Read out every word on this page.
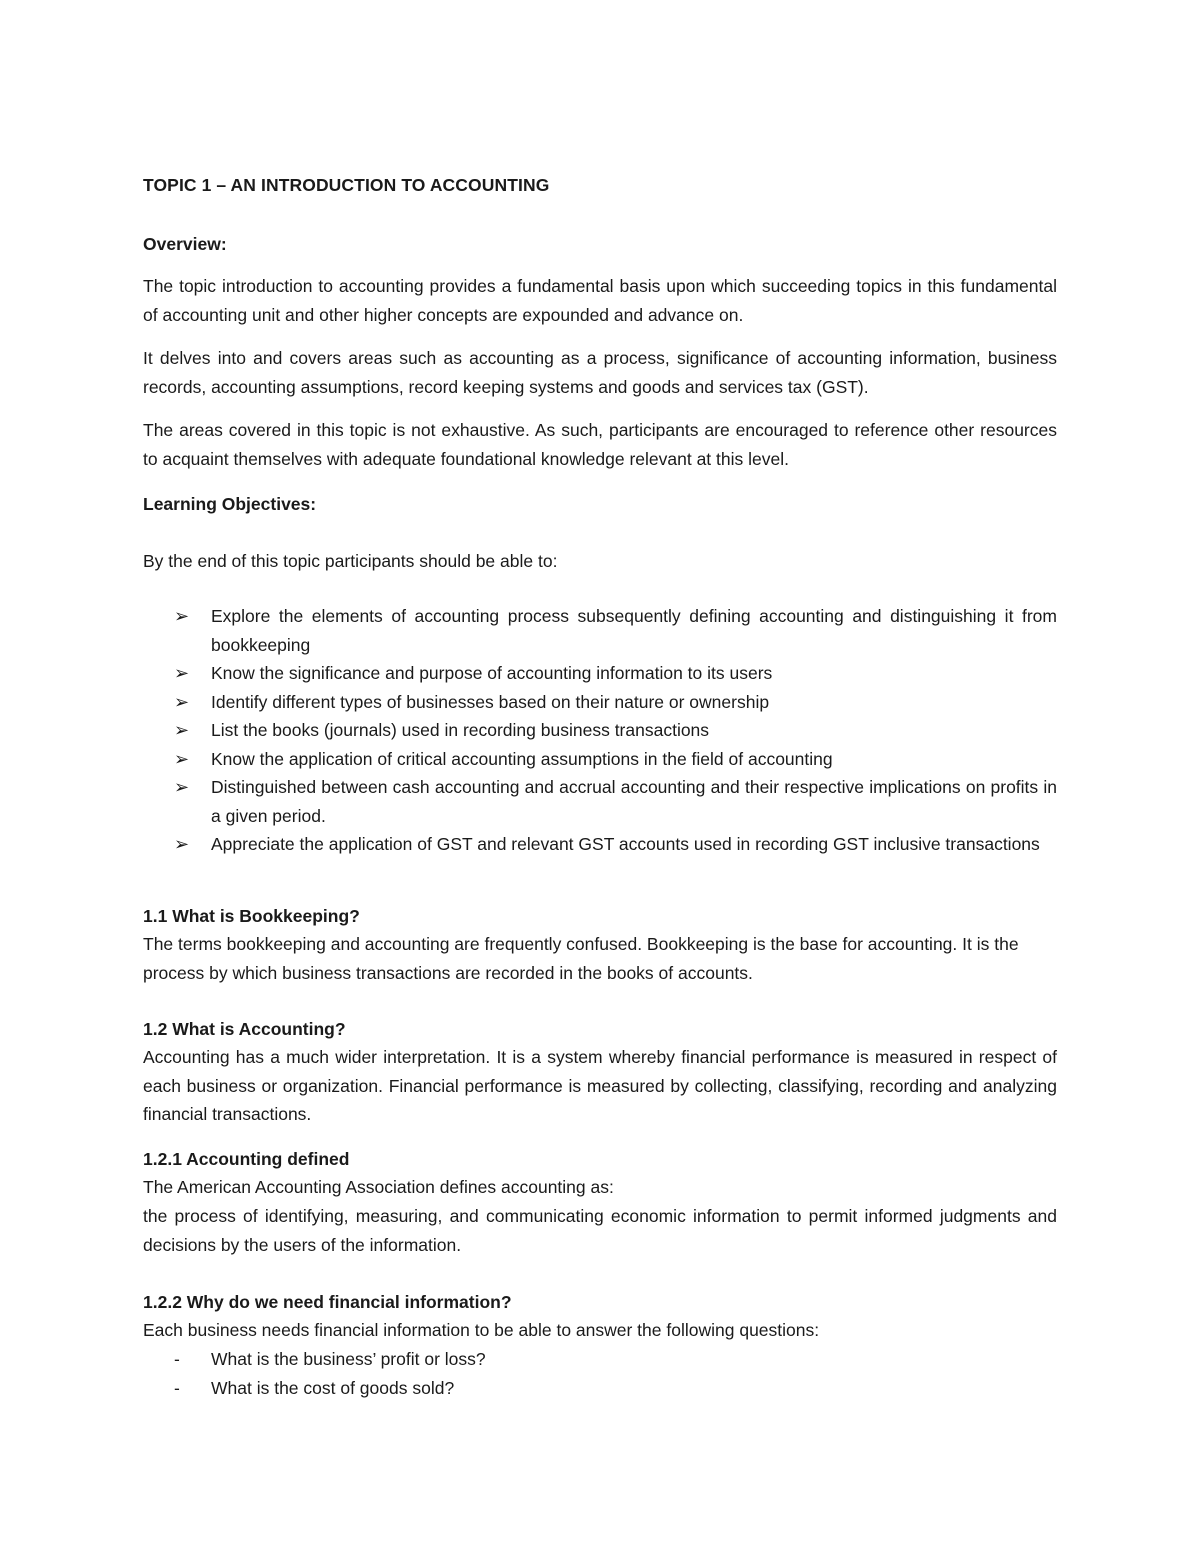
TOPIC 1 – AN INTRODUCTION TO ACCOUNTING

Overview:

The topic introduction to accounting provides a fundamental basis upon which succeeding topics in this fundamental of accounting unit and other higher concepts are expounded and advance on.

It delves into and covers areas such as accounting as a process, significance of accounting information, business records, accounting assumptions, record keeping systems and goods and services tax (GST).

The areas covered in this topic is not exhaustive. As such, participants are encouraged to reference other resources to acquaint themselves with adequate foundational knowledge relevant at this level.

Learning Objectives:

By the end of this topic participants should be able to:

➢	Explore the elements of accounting process subsequently defining accounting and distinguishing it from bookkeeping
➢	Know the significance and purpose of accounting information to its users
➢	Identify different types of businesses based on their nature or ownership
➢	List the books (journals) used in recording business transactions
➢	Know the application of critical accounting assumptions in the field of accounting
➢	Distinguished between cash accounting and accrual accounting and their respective implications on profits in a given period.
➢	Appreciate the application of GST and relevant GST accounts used in recording GST inclusive transactions

1.1 What is Bookkeeping?

The terms bookkeeping and accounting are frequently confused. Bookkeeping is the base for accounting. It is the process by which business transactions are recorded in the books of accounts.

1.2 What is Accounting?

Accounting has a much wider interpretation. It is a system whereby financial performance is measured in respect of each business or organization. Financial performance is measured by collecting, classifying, recording and analyzing financial transactions.

1.2.1 Accounting defined

The American Accounting Association defines accounting as:

the process of identifying, measuring, and communicating economic information to permit informed judgments and decisions by the users of the information.

1.2.2 Why do we need financial information?

Each business needs financial information to be able to answer the following questions:

-	What is the business’ profit or loss?
-	What is the cost of goods sold?
